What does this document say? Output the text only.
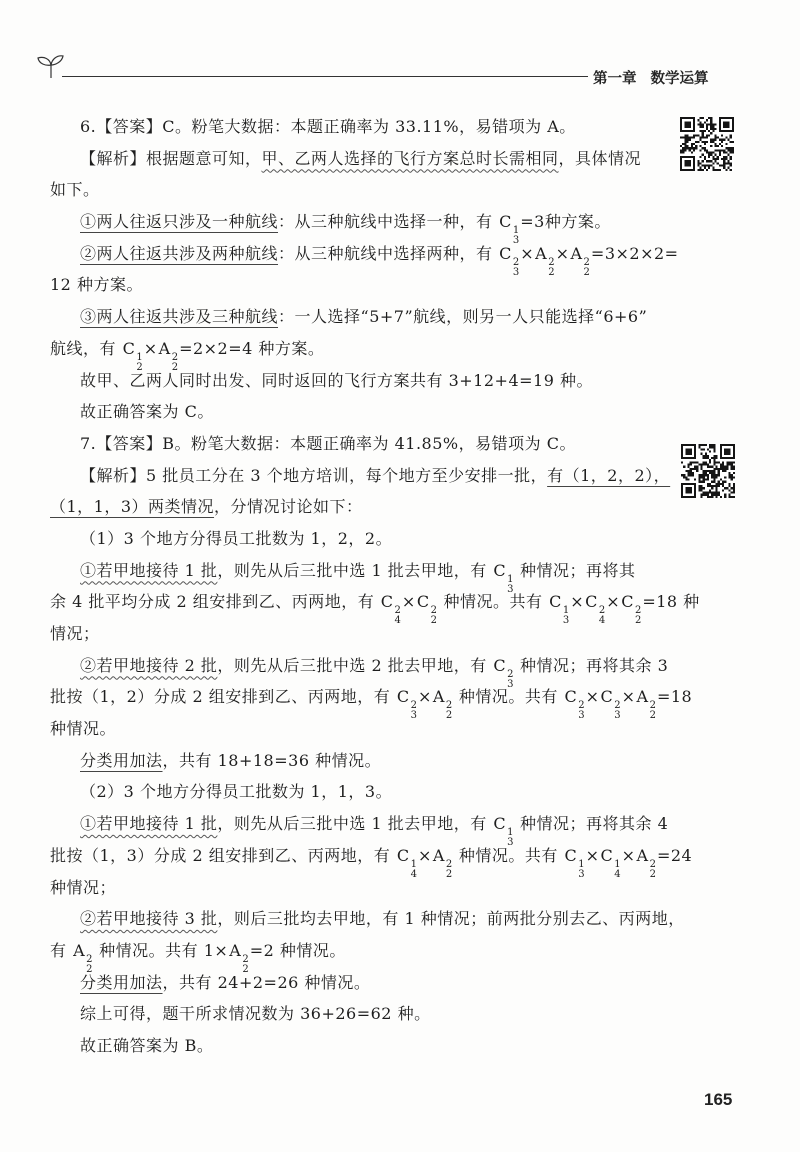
第一章 数学运算
6.【答案】C。粉笔大数据：本题正确率为 33.11%，易错项为 A。
【解析】根据题意可知，甲、乙两人选择的飞行方案总时长需相同，具体情况
如下。
①两人往返只涉及一种航线：从三种航线中选择一种，有 C 1
3
=3种方案。
②两人往返共涉及两种航线：从三种航线中选择两种，有 C 2
3
×A 2
2
×A 2
2
=3×2×2=
12 种方案。
③两人往返共涉及三种航线：一人选择“5+7”航线，则另一人只能选择“6+6”
航线，有 C 1
2
×A 2
2
=2×2=4 种方案。
故甲、乙两人同时出发、同时返回的飞行方案共有 3+12+4=19 种。
故正确答案为 C。
7.【答案】B。粉笔大数据：本题正确率为 41.85%，易错项为 C。
【解析】5 批员工分在 3 个地方培训，每个地方至少安排一批，有（1，2，2），
（1，1，3）两类情况，分情况讨论如下：
（1）3 个地方分得员工批数为 1，2，2。
①若甲地接待 1 批，则先从后三批中选 1 批去甲地，有 C 1
3
种情况；再将其
余 4 批平均分成 2 组安排到乙、丙两地，有 C 2
4
×C 2
2
种情况。共有 C 1
3
×C 2
4
×C 2
2
=18 种
情况；
②若甲地接待 2 批，则先从后三批中选 2 批去甲地，有 C 2
3
种情况；再将其余 3
批按（1，2）分成 2 组安排到乙、丙两地，有 C 2
3
×A 2
2
种情况。共有 C 2
3
×C 2
3
×A 2
2
=18
种情况。
分类用加法，共有 18+18=36 种情况。
（2）3 个地方分得员工批数为 1，1，3。
①若甲地接待 1 批，则先从后三批中选 1 批去甲地，有 C 1
3
种情况；再将其余 4
批按（1，3）分成 2 组安排到乙、丙两地，有 C 1
4
×A 2
2
种情况。共有 C 1
3
×C 1
4
×A 2
2
=24
种情况；
②若甲地接待 3 批，则后三批均去甲地，有 1 种情况；前两批分别去乙、丙两地，
有 A 2
2
种情况。共有 1×A 2
2
=2 种情况。
分类用加法，共有 24+2=26 种情况。
综上可得，题干所求情况数为 36+26=62 种。
故正确答案为 B。
165
